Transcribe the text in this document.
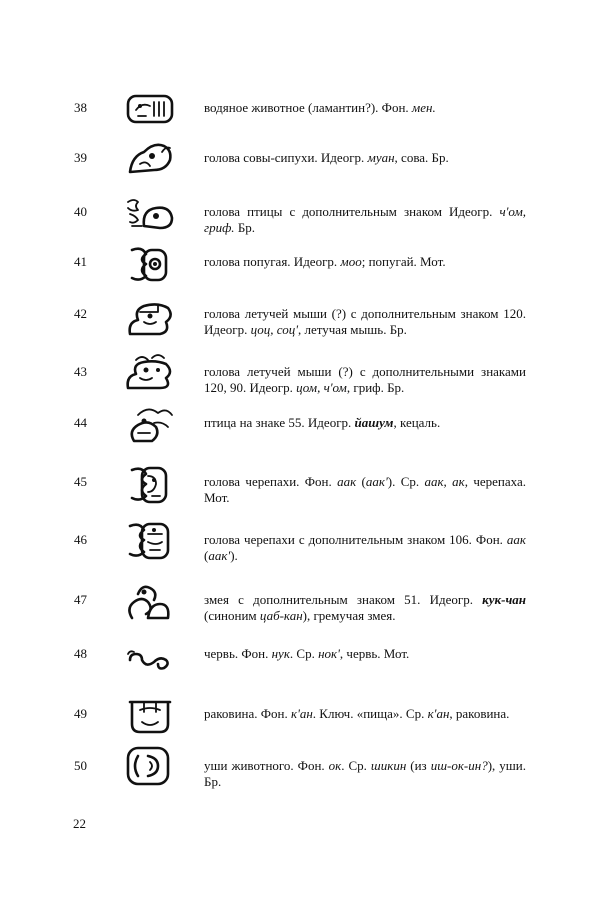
38	водяное животное (ламантин?). Фон. мен.
39	голова совы-сипухи. Идеогр. муан, сова. Бр.
40	голова птицы с дополнительным знаком Идеогр. ч'ом, гриф. Бр.
41	голова попугая. Идеогр. моо; попугай. Мот.
42	голова летучей мыши (?) с дополнительным знаком 120. Идеогр. цоц, соц', летучая мышь. Бр.
43	голова летучей мыши (?) с дополнительными знаками 120, 90. Идеогр. цом, ч'ом, гриф. Бр.
44	птица на знаке 55. Идеогр. йашум, кецаль.
45	голова черепахи. Фон. аак (аак'). Ср. аак, ак, черепаха. Мот.
46	голова черепахи с дополнительным знаком 106. Фон. аак (аак').
47	змея с дополнительным знаком 51. Идеогр. кук-чан (синоним цаб-кан), гремучая змея.
48	червь. Фон. нук. Ср. нок', червь. Мот.
49	раковина. Фон. к'ан. Ключ. «пища». Ср. к'ан, раковина.
50	уши животного. Фон. ок. Ср. шикин (из иш-ок-ин?), уши. Бр.
22
